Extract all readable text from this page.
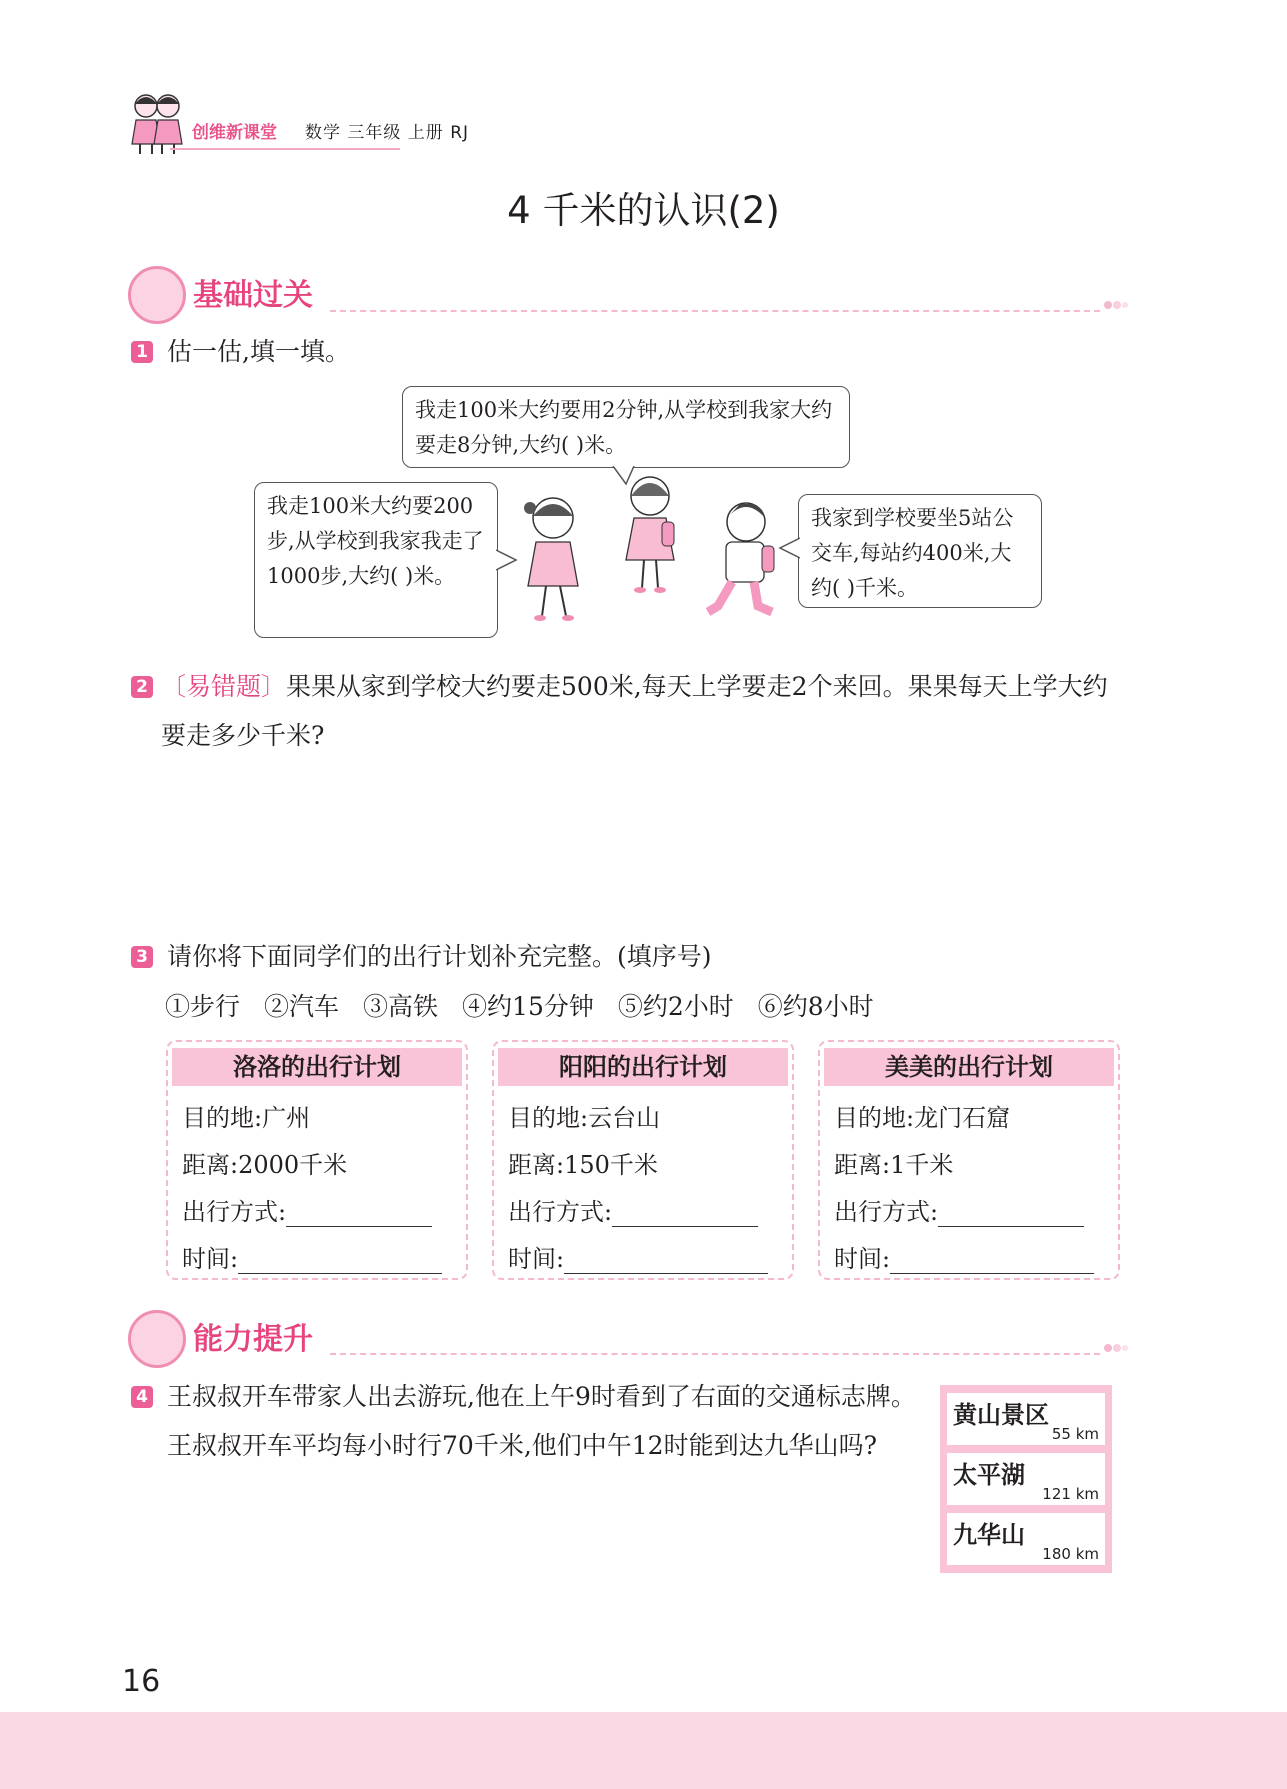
创维新课堂 数学 三年级 上册 RJ
4 千米的认识(2)
基础过关
1 估一估,填一填。
我走100米大约要用2分钟,从学校到我家大约要走8分钟,大约( )米。
我走100米大约要200步,从学校到我家我走了1000步,大约( )米。
我家到学校要坐5站公交车,每站约400米,大约( )千米。
2 〔易错题〕果果从家到学校大约要走500米,每天上学要走2个来回。果果每天上学大约要走多少千米?
3 请你将下面同学们的出行计划补充完整。(填序号)
①步行 ②汽车 ③高铁 ④约15分钟 ⑤约2小时 ⑥约8小时
洛洛的出行计划
目的地:广州
距离:2000千米
出行方式:
时间:
阳阳的出行计划
目的地:云台山
距离:150千米
出行方式:
时间:
美美的出行计划
目的地:龙门石窟
距离:1千米
出行方式:
时间:
能力提升
4 王叔叔开车带家人出去游玩,他在上午9时看到了右面的交通标志牌。王叔叔开车平均每小时行70千米,他们中午12时能到达九华山吗?
黄山景区
55 km
太平湖
121 km
九华山
180 km
16
